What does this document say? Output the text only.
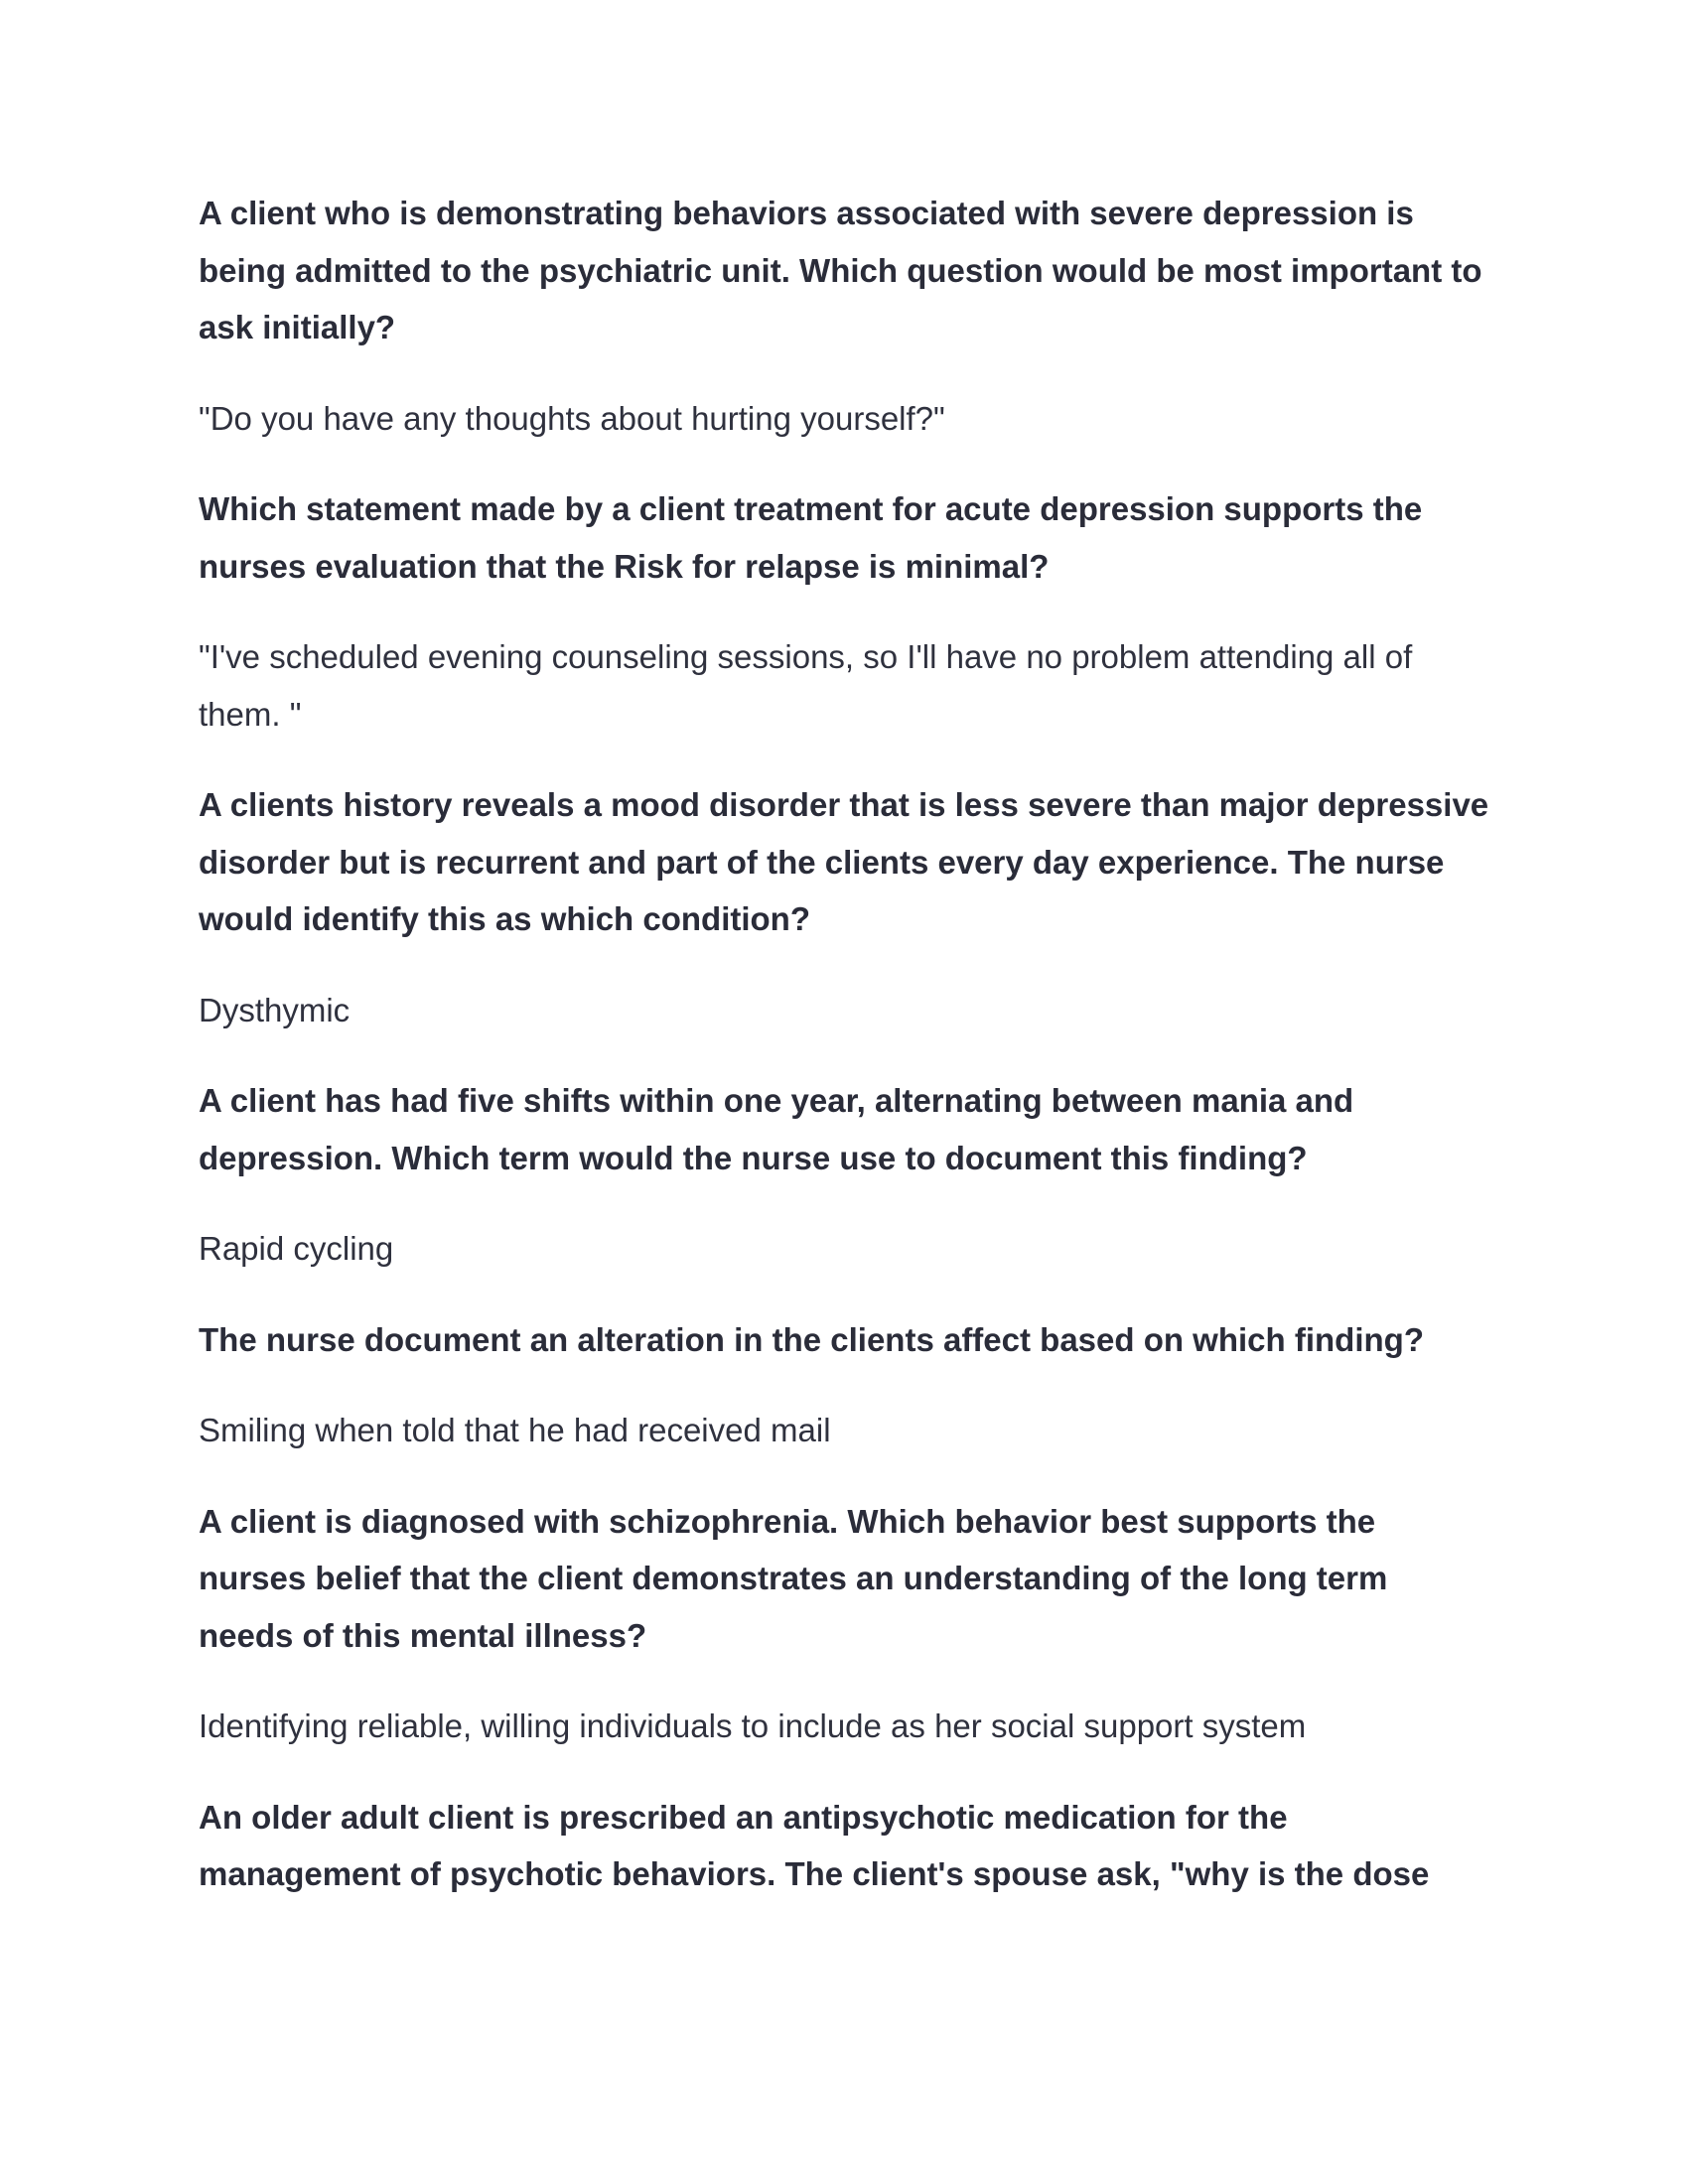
A client who is demonstrating behaviors associated with severe depression is being admitted to the psychiatric unit. Which question would be most important to ask initially?

"Do you have any thoughts about hurting yourself?"

Which statement made by a client treatment for acute depression supports the nurses evaluation that the Risk for relapse is minimal?

"I've scheduled evening counseling sessions, so I'll have no problem attending all of them. "

A clients history reveals a mood disorder that is less severe than major depressive disorder but is recurrent and part of the clients every day experience. The nurse would identify this as which condition?

Dysthymic

A client has had five shifts within one year, alternating between mania and depression. Which term would the nurse use to document this finding?

Rapid cycling

The nurse document an alteration in the clients affect based on which finding?

Smiling when told that he had received mail

A client is diagnosed with schizophrenia. Which behavior best supports the nurses belief that the client demonstrates an understanding of the long term needs of this mental illness?

Identifying reliable, willing individuals to include as her social support system

An older adult client is prescribed an antipsychotic medication for the management of psychotic behaviors. The client's spouse ask, "why is the dose
